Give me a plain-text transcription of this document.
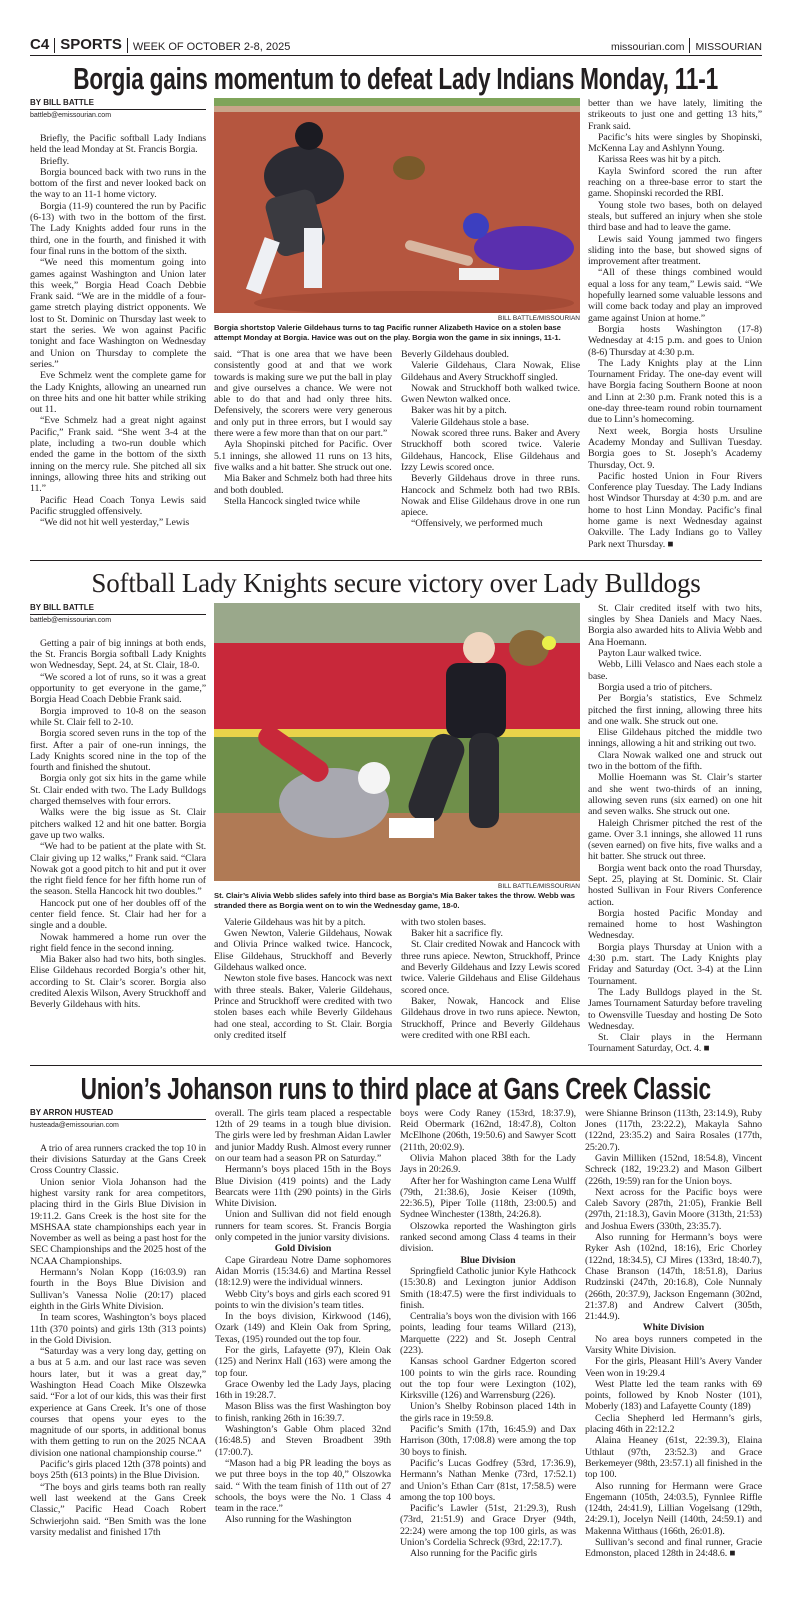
C4 SPORTS WEEK OF OCTOBER 2-8, 2025	missourian.com MISSOURIAN
Borgia gains momentum to defeat Lady Indians Monday, 11-1
BY BILL BATTLE
battleb@emissourian.com

Briefly, the Pacific softball Lady Indians held the lead Monday at St. Francis Borgia.

Briefly.

Borgia bounced back with two runs in the bottom of the first and never looked back on the way to an 11-1 home victory.

Borgia (11-9) countered the run by Pacific (6-13) with two in the bottom of the first. The Lady Knights added four runs in the third, one in the fourth, and finished it with four final runs in the bottom of the sixth.

“We need this momentum going into games against Washington and Union later this week,” Borgia Head Coach Debbie Frank said. “We are in the middle of a four-game stretch playing district opponents. We lost to St. Dominic on Thursday last week to start the series. We won against Pacific tonight and face Washington on Wednesday and Union on Thursday to complete the series.”

Eve Schmelz went the complete game for the Lady Knights, allowing an unearned run on three hits and one hit batter while striking out 11.

“Eve Schmelz had a great night against Pacific,” Frank said. “She went 3-4 at the plate, including a two-run double which ended the game in the bottom of the sixth inning on the mercy rule. She pitched all six innings, allowing three hits and striking out 11.”

Pacific Head Coach Tonya Lewis said Pacific struggled offensively.

“We did not hit well yesterday,” Lewis

BILL BATTLE/MISSOURIAN
Borgia shortstop Valerie Gildehaus turns to tag Pacific runner Alizabeth Havice on a stolen base attempt Monday at Borgia. Havice was out on the play. Borgia won the game in six innings, 11-1.

said. “That is one area that we have been consistently good at and that we work towards is making sure we put the ball in play and give ourselves a chance. We were not able to do that and had only three hits. Defensively, the scorers were very generous and only put in three errors, but I would say there were a few more than that on our part.”

Ayla Shopinski pitched for Pacific. Over 5.1 innings, she allowed 11 runs on 13 hits, five walks and a hit batter. She struck out one.

Mia Baker and Schmelz both had three hits and both doubled.

Stella Hancock singled twice while

Beverly Gildehaus doubled.

Valerie Gildehaus, Clara Nowak, Elise Gildehaus and Avery Struckhoff singled.

Nowak and Struckhoff both walked twice. Gwen Newton walked once.

Baker was hit by a pitch.

Valerie Gildehaus stole a base.

Nowak scored three runs. Baker and Avery Struckhoff both scored twice. Valerie Gildehaus, Hancock, Elise Gildehaus and Izzy Lewis scored once.

Beverly Gildehaus drove in three runs. Hancock and Schmelz both had two RBIs. Nowak and Elise Gildehaus drove in one run apiece.

“Offensively, we performed much

better than we have lately, limiting the strikeouts to just one and getting 13 hits,” Frank said.

Pacific’s hits were singles by Shopinski, McKenna Lay and Ashlynn Young.

Karissa Rees was hit by a pitch.

Kayla Swinford scored the run after reaching on a three-base error to start the game. Shopinski recorded the RBI.

Young stole two bases, both on delayed steals, but suffered an injury when she stole third base and had to leave the game.

Lewis said Young jammed two fingers sliding into the base, but showed signs of improvement after treatment.

“All of these things combined would equal a loss for any team,” Lewis said. “We hopefully learned some valuable lessons and will come back today and play an improved game against Union at home.”

Borgia hosts Washington (17-8) Wednesday at 4:15 p.m. and goes to Union (8-6) Thursday at 4:30 p.m.

The Lady Knights play at the Linn Tournament Friday. The one-day event will have Borgia facing Southern Boone at noon and Linn at 2:30 p.m. Frank noted this is a one-day three-team round robin tournament due to Linn’s homecoming.

Next week, Borgia hosts Ursuline Academy Monday and Sullivan Tuesday. Borgia goes to St. Joseph’s Academy Thursday, Oct. 9.

Pacific hosted Union in Four Rivers Conference play Tuesday. The Lady Indians host Windsor Thursday at 4:30 p.m. and are home to host Linn Monday. Pacific’s final home game is next Wednesday against Oakville. The Lady Indians go to Valley Park next Thursday. ■

Softball Lady Knights secure victory over Lady Bulldogs
BY BILL BATTLE
battleb@emissourian.com

Getting a pair of big innings at both ends, the St. Francis Borgia softball Lady Knights won Wednesday, Sept. 24, at St. Clair, 18-0.

“We scored a lot of runs, so it was a great opportunity to get everyone in the game,” Borgia Head Coach Debbie Frank said.

Borgia improved to 10-8 on the season while St. Clair fell to 2-10.

Borgia scored seven runs in the top of the first. After a pair of one-run innings, the Lady Knights scored nine in the top of the fourth and finished the shutout.

Borgia only got six hits in the game while St. Clair ended with two. The Lady Bulldogs charged themselves with four errors.

Walks were the big issue as St. Clair pitchers walked 12 and hit one batter. Borgia gave up two walks.

“We had to be patient at the plate with St. Clair giving up 12 walks,” Frank said. “Clara Nowak got a good pitch to hit and put it over the right field fence for her fifth home run of the season. Stella Hancock hit two doubles.”

Hancock put one of her doubles off of the center field fence. St. Clair had her for a single and a double.

Nowak hammered a home run over the right field fence in the second inning.

Mia Baker also had two hits, both singles. Elise Gildehaus recorded Borgia’s other hit, according to St. Clair’s scorer. Borgia also credited Alexis Wilson, Avery Struckhoff and Beverly Gildehaus with hits.

BILL BATTLE/MISSOURIAN
St. Clair’s Alivia Webb slides safely into third base as Borgia’s Mia Baker takes the throw. Webb was stranded there as Borgia went on to win the Wednesday game, 18-0.

Valerie Gildehaus was hit by a pitch.

Gwen Newton, Valerie Gildehaus, Nowak and Olivia Prince walked twice. Hancock, Elise Gildehaus, Struckhoff and Beverly Gildehaus walked once.

Newton stole five bases. Hancock was next with three steals. Baker, Valerie Gildehaus, Prince and Struckhoff were credited with two stolen bases each while Beverly Gildehaus had one steal, according to St. Clair. Borgia only credited itself

with two stolen bases.

Baker hit a sacrifice fly.

St. Clair credited Nowak and Hancock with three runs apiece. Newton, Struckhoff, Prince and Beverly Gildehaus and Izzy Lewis scored twice. Valerie Gildehaus and Elise Gildehaus scored once.

Baker, Nowak, Hancock and Elise Gildehaus drove in two runs apiece. Newton, Struckhoff, Prince and Beverly Gildehaus were credited with one RBI each.

St. Clair credited itself with two hits, singles by Shea Daniels and Macy Naes. Borgia also awarded hits to Alivia Webb and Ana Hoemann.

Payton Laur walked twice.

Webb, Lilli Velasco and Naes each stole a base.

Borgia used a trio of pitchers.

Per Borgia’s statistics, Eve Schmelz pitched the first inning, allowing three hits and one walk. She struck out one.

Elise Gildehaus pitched the middle two innings, allowing a hit and striking out two.

Clara Nowak walked one and struck out two in the bottom of the fifth.

Mollie Hoemann was St. Clair’s starter and she went two-thirds of an inning, allowing seven runs (six earned) on one hit and seven walks. She struck out one.

Haleigh Chrismer pitched the rest of the game. Over 3.1 innings, she allowed 11 runs (seven earned) on five hits, five walks and a hit batter. She struck out three.

Borgia went back onto the road Thursday, Sept. 25, playing at St. Dominic. St. Clair hosted Sullivan in Four Rivers Conference action.

Borgia hosted Pacific Monday and remained home to host Washington Wednesday.

Borgia plays Thursday at Union with a 4:30 p.m. start. The Lady Knights play Friday and Saturday (Oct. 3-4) at the Linn Tournament.

The Lady Bulldogs played in the St. James Tournament Saturday before traveling to Owensville Tuesday and hosting De Soto Wednesday.

St. Clair plays in the Hermann Tournament Saturday, Oct. 4. ■

Union’s Johanson runs to third place at Gans Creek Classic
BY ARRON HUSTEAD
husteada@emissourian.com

A trio of area runners cracked the top 10 in their divisions Saturday at the Gans Creek Cross Country Classic.

Union senior Viola Johanson had the highest varsity rank for area competitors, placing third in the Girls Blue Division in 19:11.2. Gans Creek is the host site for the MSHSAA state championships each year in November as well as being a past host for the SEC Championships and the 2025 host of the NCAA Championships.

Hermann’s Nolan Kopp (16:03.9) ran fourth in the Boys Blue Division and Sullivan’s Vanessa Nolie (20:17) placed eighth in the Girls White Division.

In team scores, Washington’s boys placed 11th (370 points) and girls 13th (313 points) in the Gold Division.

“Saturday was a very long day, getting on a bus at 5 a.m. and our last race was seven hours later, but it was a great day,” Washington Head Coach Mike Olszewka said. “For a lot of our kids, this was their first experience at Gans Creek. It’s one of those courses that opens your eyes to the magnitude of our sports, in additional bonus with them getting to run on the 2025 NCAA division one national championship course.”

Pacific’s girls placed 12th (378 points) and boys 25th (613 points) in the Blue Division.

“The boys and girls teams both ran really well last weekend at the Gans Creek Classic,” Pacific Head Coach Robert Schwierjohn said. “Ben Smith was the lone varsity medalist and finished 17th

overall. The girls team placed a respectable 12th of 29 teams in a tough blue division. The girls were led by freshman Aidan Lawler and junior Maddy Rush. Almost every runner on our team had a season PR on Saturday.”

Hermann’s boys placed 15th in the Boys Blue Division (419 points) and the Lady Bearcats were 11th (290 points) in the Girls White Division.

Union and Sullivan did not field enough runners for team scores. St. Francis Borgia only competed in the junior varsity divisions.

Gold Division

Cape Girardeau Notre Dame sophomores Aidan Morris (15:34.6) and Martina Ressel (18:12.9) were the individual winners.

Webb City’s boys and girls each scored 91 points to win the division’s team titles.

In the boys division, Kirkwood (146), Ozark (149) and Klein Oak from Spring, Texas, (195) rounded out the top four.

For the girls, Lafayette (97), Klein Oak (125) and Nerinx Hall (163) were among the top four.

Grace Owenby led the Lady Jays, placing 16th in 19:28.7.

Mason Bliss was the first Washington boy to finish, ranking 26th in 16:39.7.

Washington’s Gable Ohm placed 32nd (16:48.5) and Steven Broadbent 39th (17:00.7).

“Mason had a big PR leading the boys as we put three boys in the top 40,” Olszowka said. “ With the team finish of 11th out of 27 schools, the boys were the No. 1 Class 4 team in the race.”

Also running for the Washington

boys were Cody Raney (153rd, 18:37.9), Reid Obermark (162nd, 18:47.8), Colton McElhone (206th, 19:50.6) and Sawyer Scott (211th, 20:02.9).

Olivia Mahon placed 38th for the Lady Jays in 20:26.9.

After her for Washington came Lena Wulff (79th, 21:38.6), Josie Keiser (109th, 22:36.5), Piper Tolle (118th, 23:00.5) and Sydnee Winchester (138th, 24:26.8).

Olszowka reported the Washington girls ranked second among Class 4 teams in their division.

Blue Division

Springfield Catholic junior Kyle Hathcock (15:30.8) and Lexington junior Addison Smith (18:47.5) were the first individuals to finish.

Centralia’s boys won the division with 166 points, leading four teams Willard (213), Marquette (222) and St. Joseph Central (223).

Kansas school Gardner Edgerton scored 100 points to win the girls race. Rounding out the top four were Lexington (102), Kirksville (126) and Warrensburg (226).

Union’s Shelby Robinson placed 14th in the girls race in 19:59.8.

Pacific’s Smith (17th, 16:45.9) and Dax Harrison (30th, 17:08.8) were among the top 30 boys to finish.

Pacific’s Lucas Godfrey (53rd, 17:36.9), Hermann’s Nathan Menke (73rd, 17:52.1) and Union’s Ethan Carr (81st, 17:58.5) were among the top 100 boys.

Pacific’s Lawler (51st, 21:29.3), Rush (73rd, 21:51.9) and Grace Dryer (94th, 22:24) were among the top 100 girls, as was Union’s Cordelia Schreck (93rd, 22:17.7).

Also running for the Pacific girls

were Shianne Brinson (113th, 23:14.9), Ruby Jones (117th, 23:22.2), Makayla Sahno (122nd, 23:35.2) and Saira Rosales (177th, 25:20.7).

Gavin Milliken (152nd, 18:54.8), Vincent Schreck (182, 19:23.2) and Mason Gilbert (226th, 19:59) ran for the Union boys.

Next across for the Pacific boys were Caleb Savory (287th, 21:05), Frankie Bell (297th, 21:18.3), Gavin Moore (313th, 21:53) and Joshua Ewers (330th, 23:35.7).

Also running for Hermann’s boys were Ryker Ash (102nd, 18:16), Eric Chorley (122nd, 18:34.5), CJ Mires (133rd, 18:40.7), Chase Branson (147th, 18:51.8), Darius Rudzinski (247th, 20:16.8), Cole Nunnaly (266th, 20:37.9), Jackson Engemann (302nd, 21:37.8) and Andrew Calvert (305th, 21:44.9).

White Division

No area boys runners competed in the Varsity White Division.

For the girls, Pleasant Hill’s Avery Vander Veen won in 19:29.4

West Platte led the team ranks with 69 points, followed by Knob Noster (101), Moberly (183) and Lafayette County (189)

Ceclia Shepherd led Hermann’s girls, placing 46th in 22:12.2

Alaina Heaney (61st, 22:39.3), Elaina Uthlaut (97th, 23:52.3) and Grace Berkemeyer (98th, 23:57.1) all finished in the top 100.

Also running for Hermann were Grace Engemann (105th, 24:03.5), Fynnlee Riffle (124th, 24:41.9), Lillian Vogelsang (129th, 24:29.1), Jocelyn Neill (140th, 24:59.1) and Makenna Witthaus (166th, 26:01.8).

Sullivan’s second and final runner, Gracie Edmonston, placed 128th in 24:48.6. ■
